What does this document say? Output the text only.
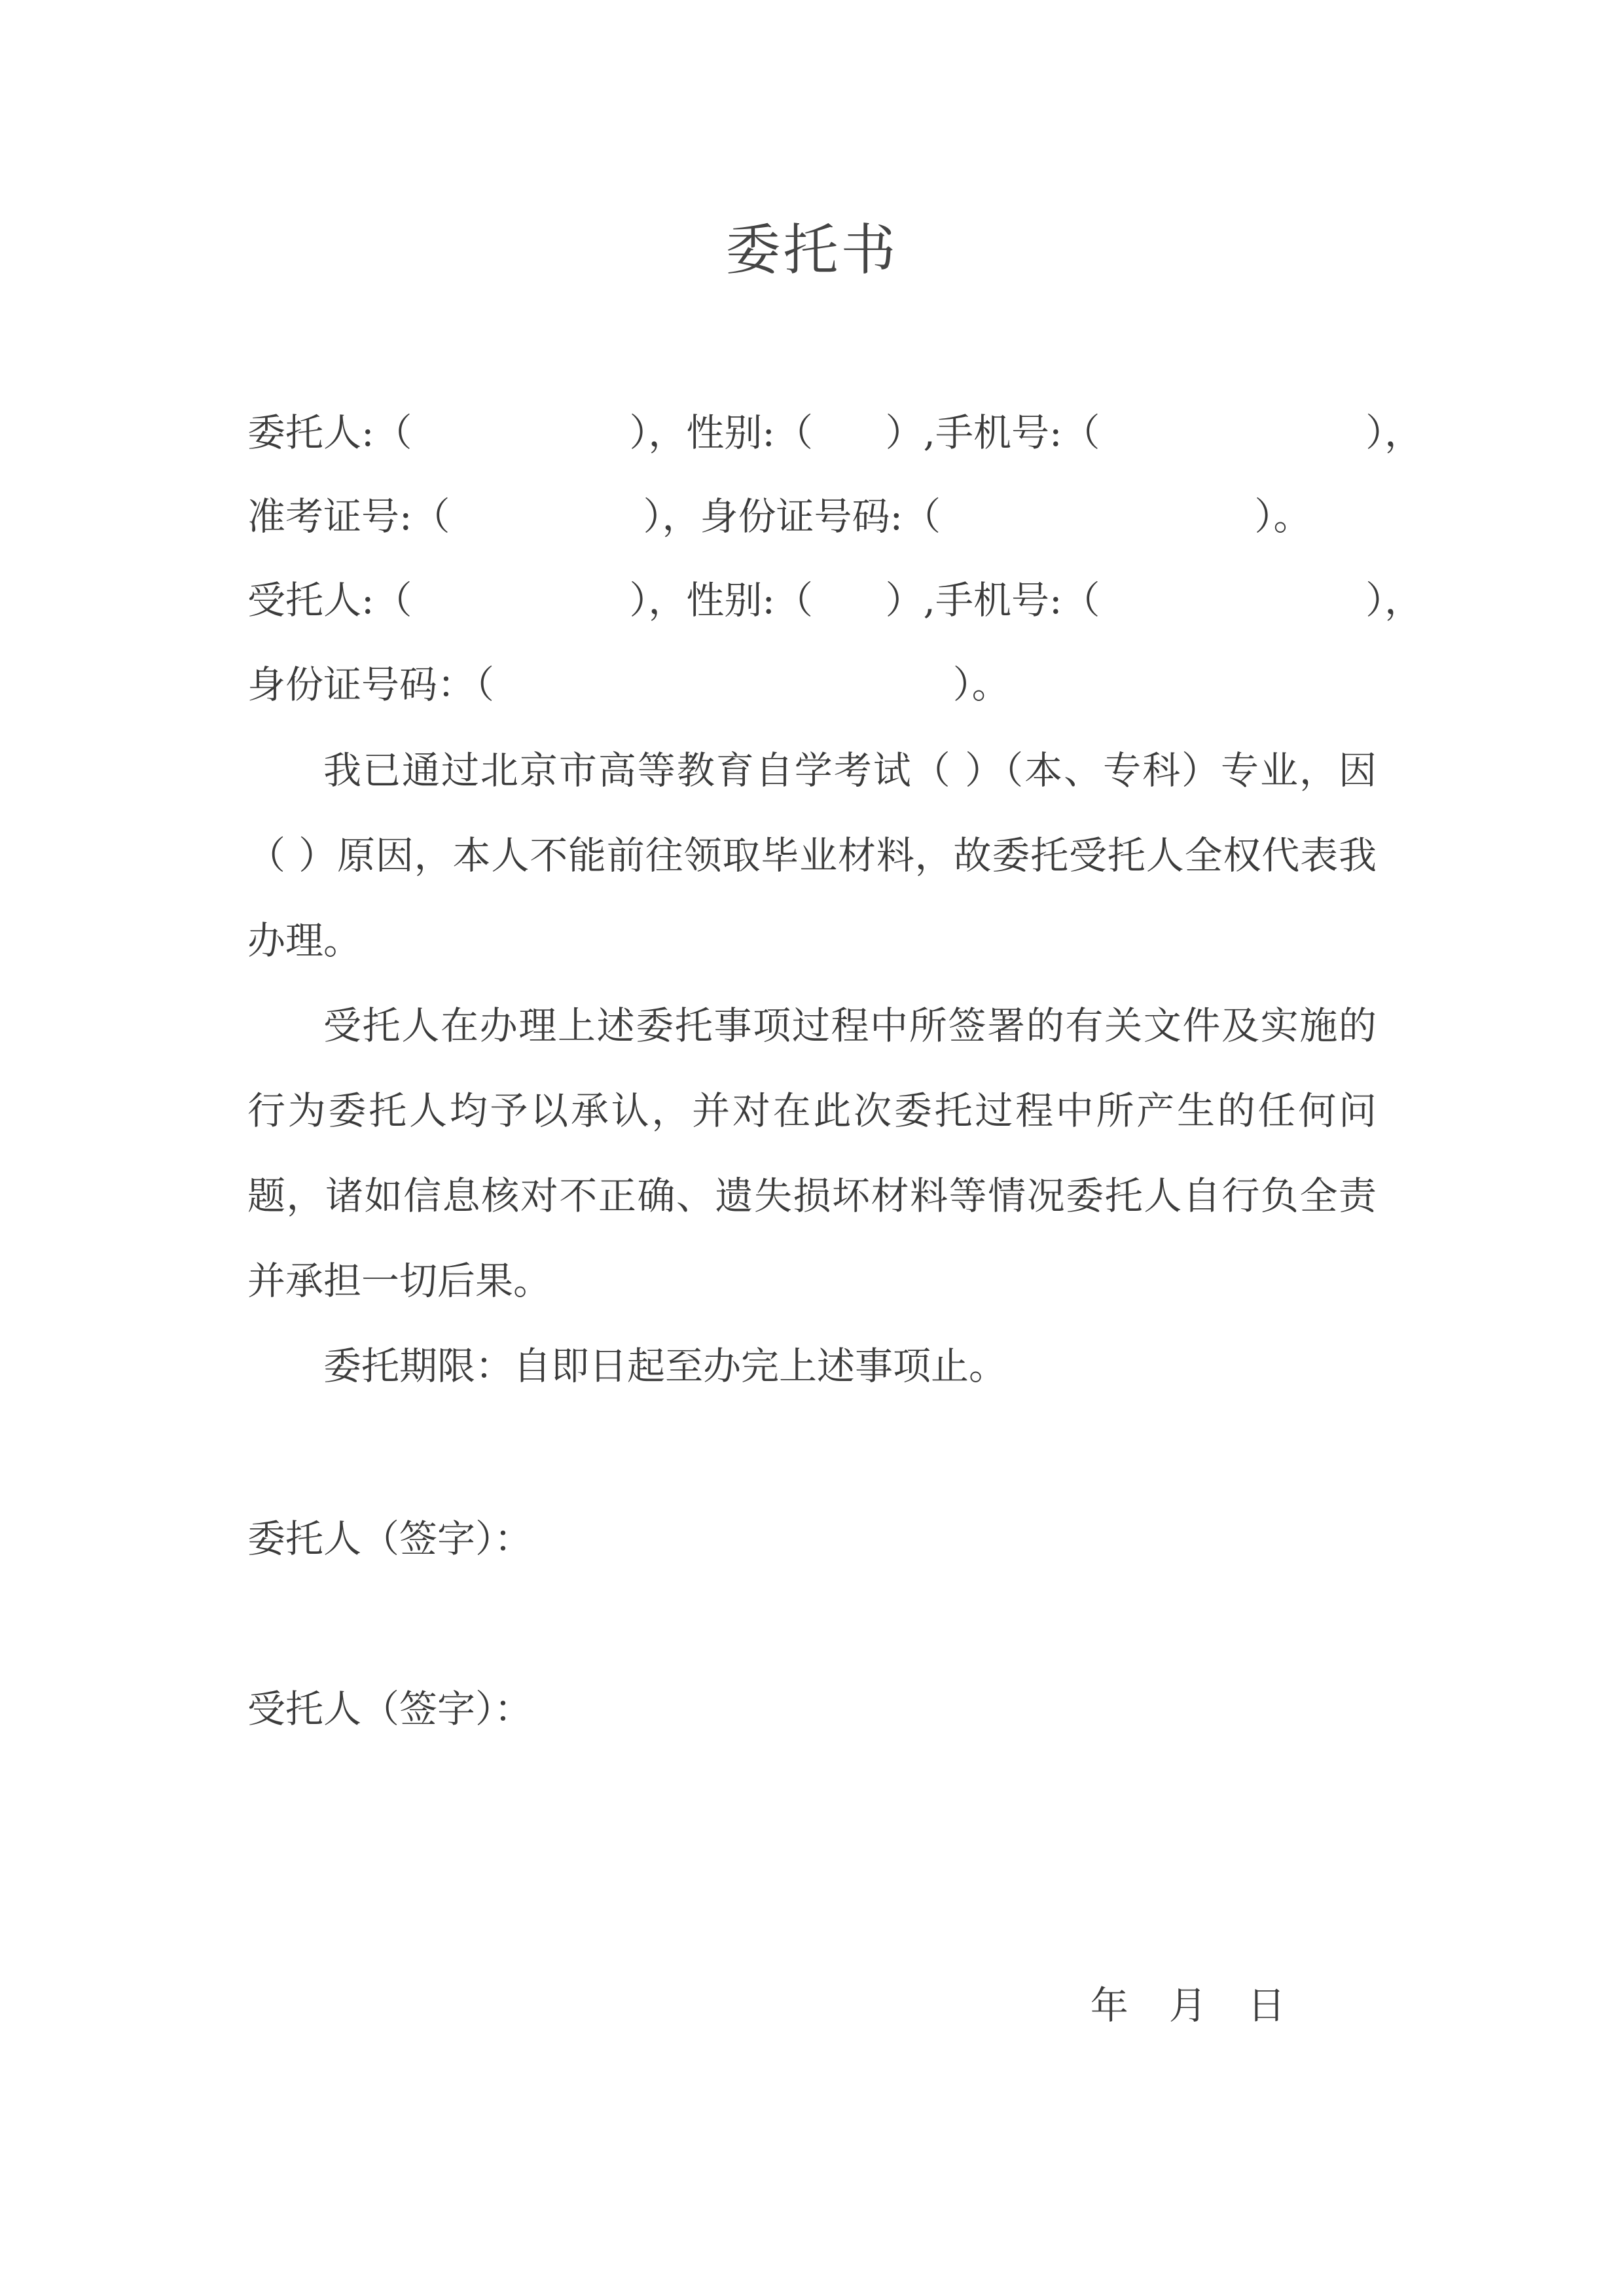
委托书
委托人:（                  ），性别:（      ）,手机号:（                      ），
准考证号:（                ），身份证号码:（                          ）。
受托人:（                  ），性别:（      ）,手机号:（                      ），
身份证号码：（                                      ）。
我已通过北京市高等教育自学考试（ ）（本、专科）专业，因（ ）原因，本人不能前往领取毕业材料，故委托受托人全权代表我办理。
受托人在办理上述委托事项过程中所签署的有关文件及实施的行为委托人均予以承认，并对在此次委托过程中所产生的任何问题，诸如信息核对不正确、遗失损坏材料等情况委托人自行负全责并承担一切后果。
委托期限：自即日起至办完上述事项止。
委托人（签字）：
受托人（签字）：

年 月 日
